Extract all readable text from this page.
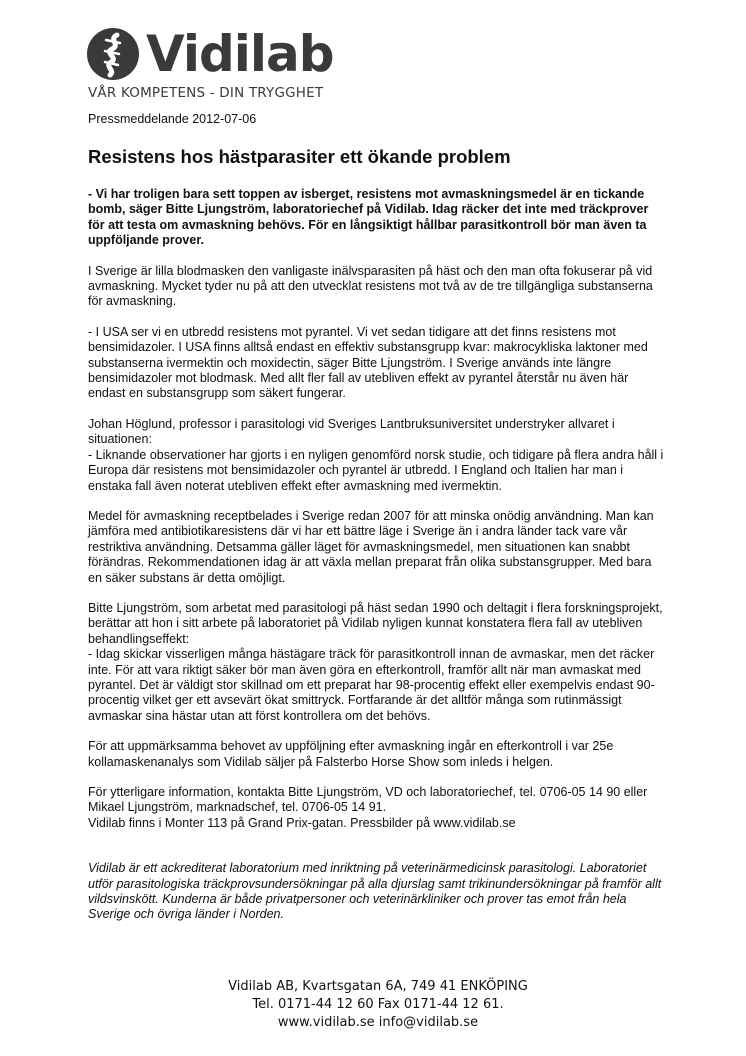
Vidilab
VÅR KOMPETENS - DIN TRYGGHET
Pressmeddelande 2012-07-06
Resistens hos hästparasiter ett ökande problem

- Vi har troligen bara sett toppen av isberget, resistens mot avmaskningsmedel är en tickande bomb, säger Bitte Ljungström, laboratoriechef på Vidilab. Idag räcker det inte med träckprover för att testa om avmaskning behövs. För en långsiktigt hållbar parasitkontroll bör man även ta uppföljande prover.

I Sverige är lilla blodmasken den vanligaste inälvsparasiten på häst och den man ofta fokuserar på vid avmaskning. Mycket tyder nu på att den utvecklat resistens mot två av de tre tillgängliga substanserna för avmaskning.

- I USA ser vi en utbredd resistens mot pyrantel. Vi vet sedan tidigare att det finns resistens mot bensimidazoler. I USA finns alltså endast en effektiv substansgrupp kvar: makrocykliska laktoner med substanserna ivermektin och moxidectin, säger Bitte Ljungström. I Sverige används inte längre bensimidazoler mot blodmask. Med allt fler fall av utebliven effekt av pyrantel återstår nu även här endast en substansgrupp som säkert fungerar.

Johan Höglund, professor i parasitologi vid Sveriges Lantbruksuniversitet understryker allvaret i situationen:
- Liknande observationer har gjorts i en nyligen genomförd norsk studie, och tidigare på flera andra håll i Europa där resistens mot bensimidazoler och pyrantel är utbredd. I England och Italien har man i enstaka fall även noterat utebliven effekt efter avmaskning med ivermektin.

Medel för avmaskning receptbelades i Sverige redan 2007 för att minska onödig användning. Man kan jämföra med antibiotikaresistens där vi har ett bättre läge i Sverige än i andra länder tack vare vår restriktiva användning. Detsamma gäller läget för avmaskningsmedel, men situationen kan snabbt förändras. Rekommendationen idag är att växla mellan preparat från olika substansgrupper. Med bara en säker substans är detta omöjligt.

Bitte Ljungström, som arbetat med parasitologi på häst sedan 1990 och deltagit i flera forskningsprojekt, berättar att hon i sitt arbete på laboratoriet på Vidilab nyligen kunnat konstatera flera fall av utebliven behandlingseffekt:
- Idag skickar visserligen många hästägare träck för parasitkontroll innan de avmaskar, men det räcker inte. För att vara riktigt säker bör man även göra en efterkontroll, framför allt när man avmaskat med pyrantel. Det är väldigt stor skillnad om ett preparat har 98-procentig effekt eller exempelvis endast 90-procentig vilket ger ett avsevärt ökat smittryck. Fortfarande är det alltför många som rutinmässigt avmaskar sina hästar utan att först kontrollera om det behövs.

För att uppmärksamma behovet av uppföljning efter avmaskning ingår en efterkontroll i var 25e kollamaskenanalys som Vidilab säljer på Falsterbo Horse Show som inleds i helgen.

För ytterligare information, kontakta Bitte Ljungström, VD och laboratoriechef, tel. 0706-05 14 90 eller Mikael Ljungström, marknadschef, tel. 0706-05 14 91.
Vidilab finns i Monter 113 på Grand Prix-gatan. Pressbilder på www.vidilab.se

Vidilab är ett ackrediterat laboratorium med inriktning på veterinärmedicinsk parasitologi. Laboratoriet utför parasitologiska träckprovsundersökningar på alla djurslag samt trikinundersökningar på framför allt vildsvinskött. Kunderna är både privatpersoner och veterinärkliniker och prover tas emot från hela Sverige och övriga länder i Norden.

Vidilab AB, Kvartsgatan 6A, 749 41 ENKÖPING
Tel. 0171-44 12 60 Fax 0171-44 12 61.
www.vidilab.se info@vidilab.se
